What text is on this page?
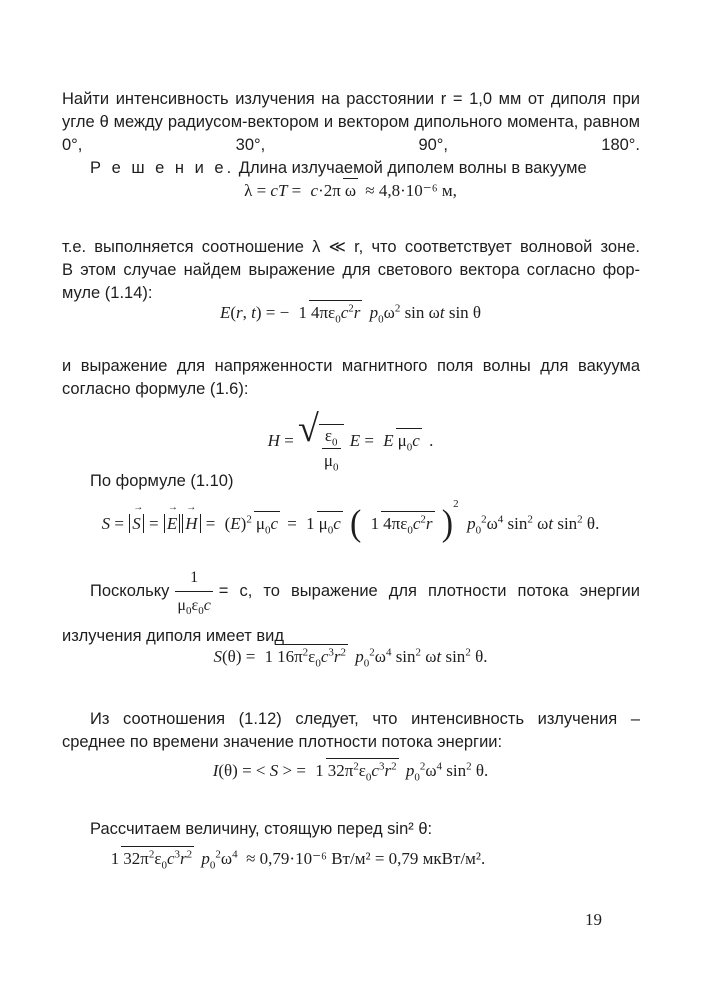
Найти интенсивность излучения на расстоянии r = 1,0 мм от диполя при угле θ между радиусом-вектором и вектором дипольного момента, равном 0°, 30°, 90°, 180°.
Р е ш е н и е. Длина излучаемой диполем волны в вакууме
λ = cT = c·2π ω ≈ 4,8·10⁻⁶ м,
т.е. выполняется соотношение λ ≪ r, что соответствует волновой зоне.
В этом случае найдем выражение для светового вектора согласно фор-
муле (1.14):
E(r, t) = − 1 $4\pi\varepsilon_0c^2r$ $p_0\omega^2$ sin ωt sin θ
и выражение для напряженности магнитного поля волны для вакуума согласно формуле (1.6):
H = √ $\varepsilon_0$
$\mu_0$
E = E $\mu_0c$ .
По формуле (1.10)
S = → S = → $E\to H = (E)^2$ $\mu_0c = 1$ $\mu_0c$ ( 1 $4\pi\varepsilon_0c^2r$ )$^2$  $p_0^2\omega^4$ $\sin^2 \omega t$ $\sin^2 \theta$.
Поскольку $\frac{1}{\mu_0\varepsilon_0c} = c$, то выражение для плотности потока энергии
излучения диполя имеет вид
S(θ) = 1 $16\pi^2\varepsilon_0c^3r^2$ $p_0^2\omega^4$ $\sin^2 \omega t$ $\sin^2 \theta$.
Из соотношения (1.12) следует, что интенсивность излучения – среднее по времени значение плотности потока энергии:
I(θ) = < S > = 1 $32\pi^2\varepsilon_0c^3r^2$ $p_0^2\omega^4$ $\sin^2 \theta$.
Рассчитаем величину, стоящую перед sin² θ:
1 $32\pi^2\varepsilon_0c^3r^2$ $p_0^2\omega^4 \approx 0,79\cdot 10^{-6}$ Вт/м² = 0,79 мкВт/м².
19
